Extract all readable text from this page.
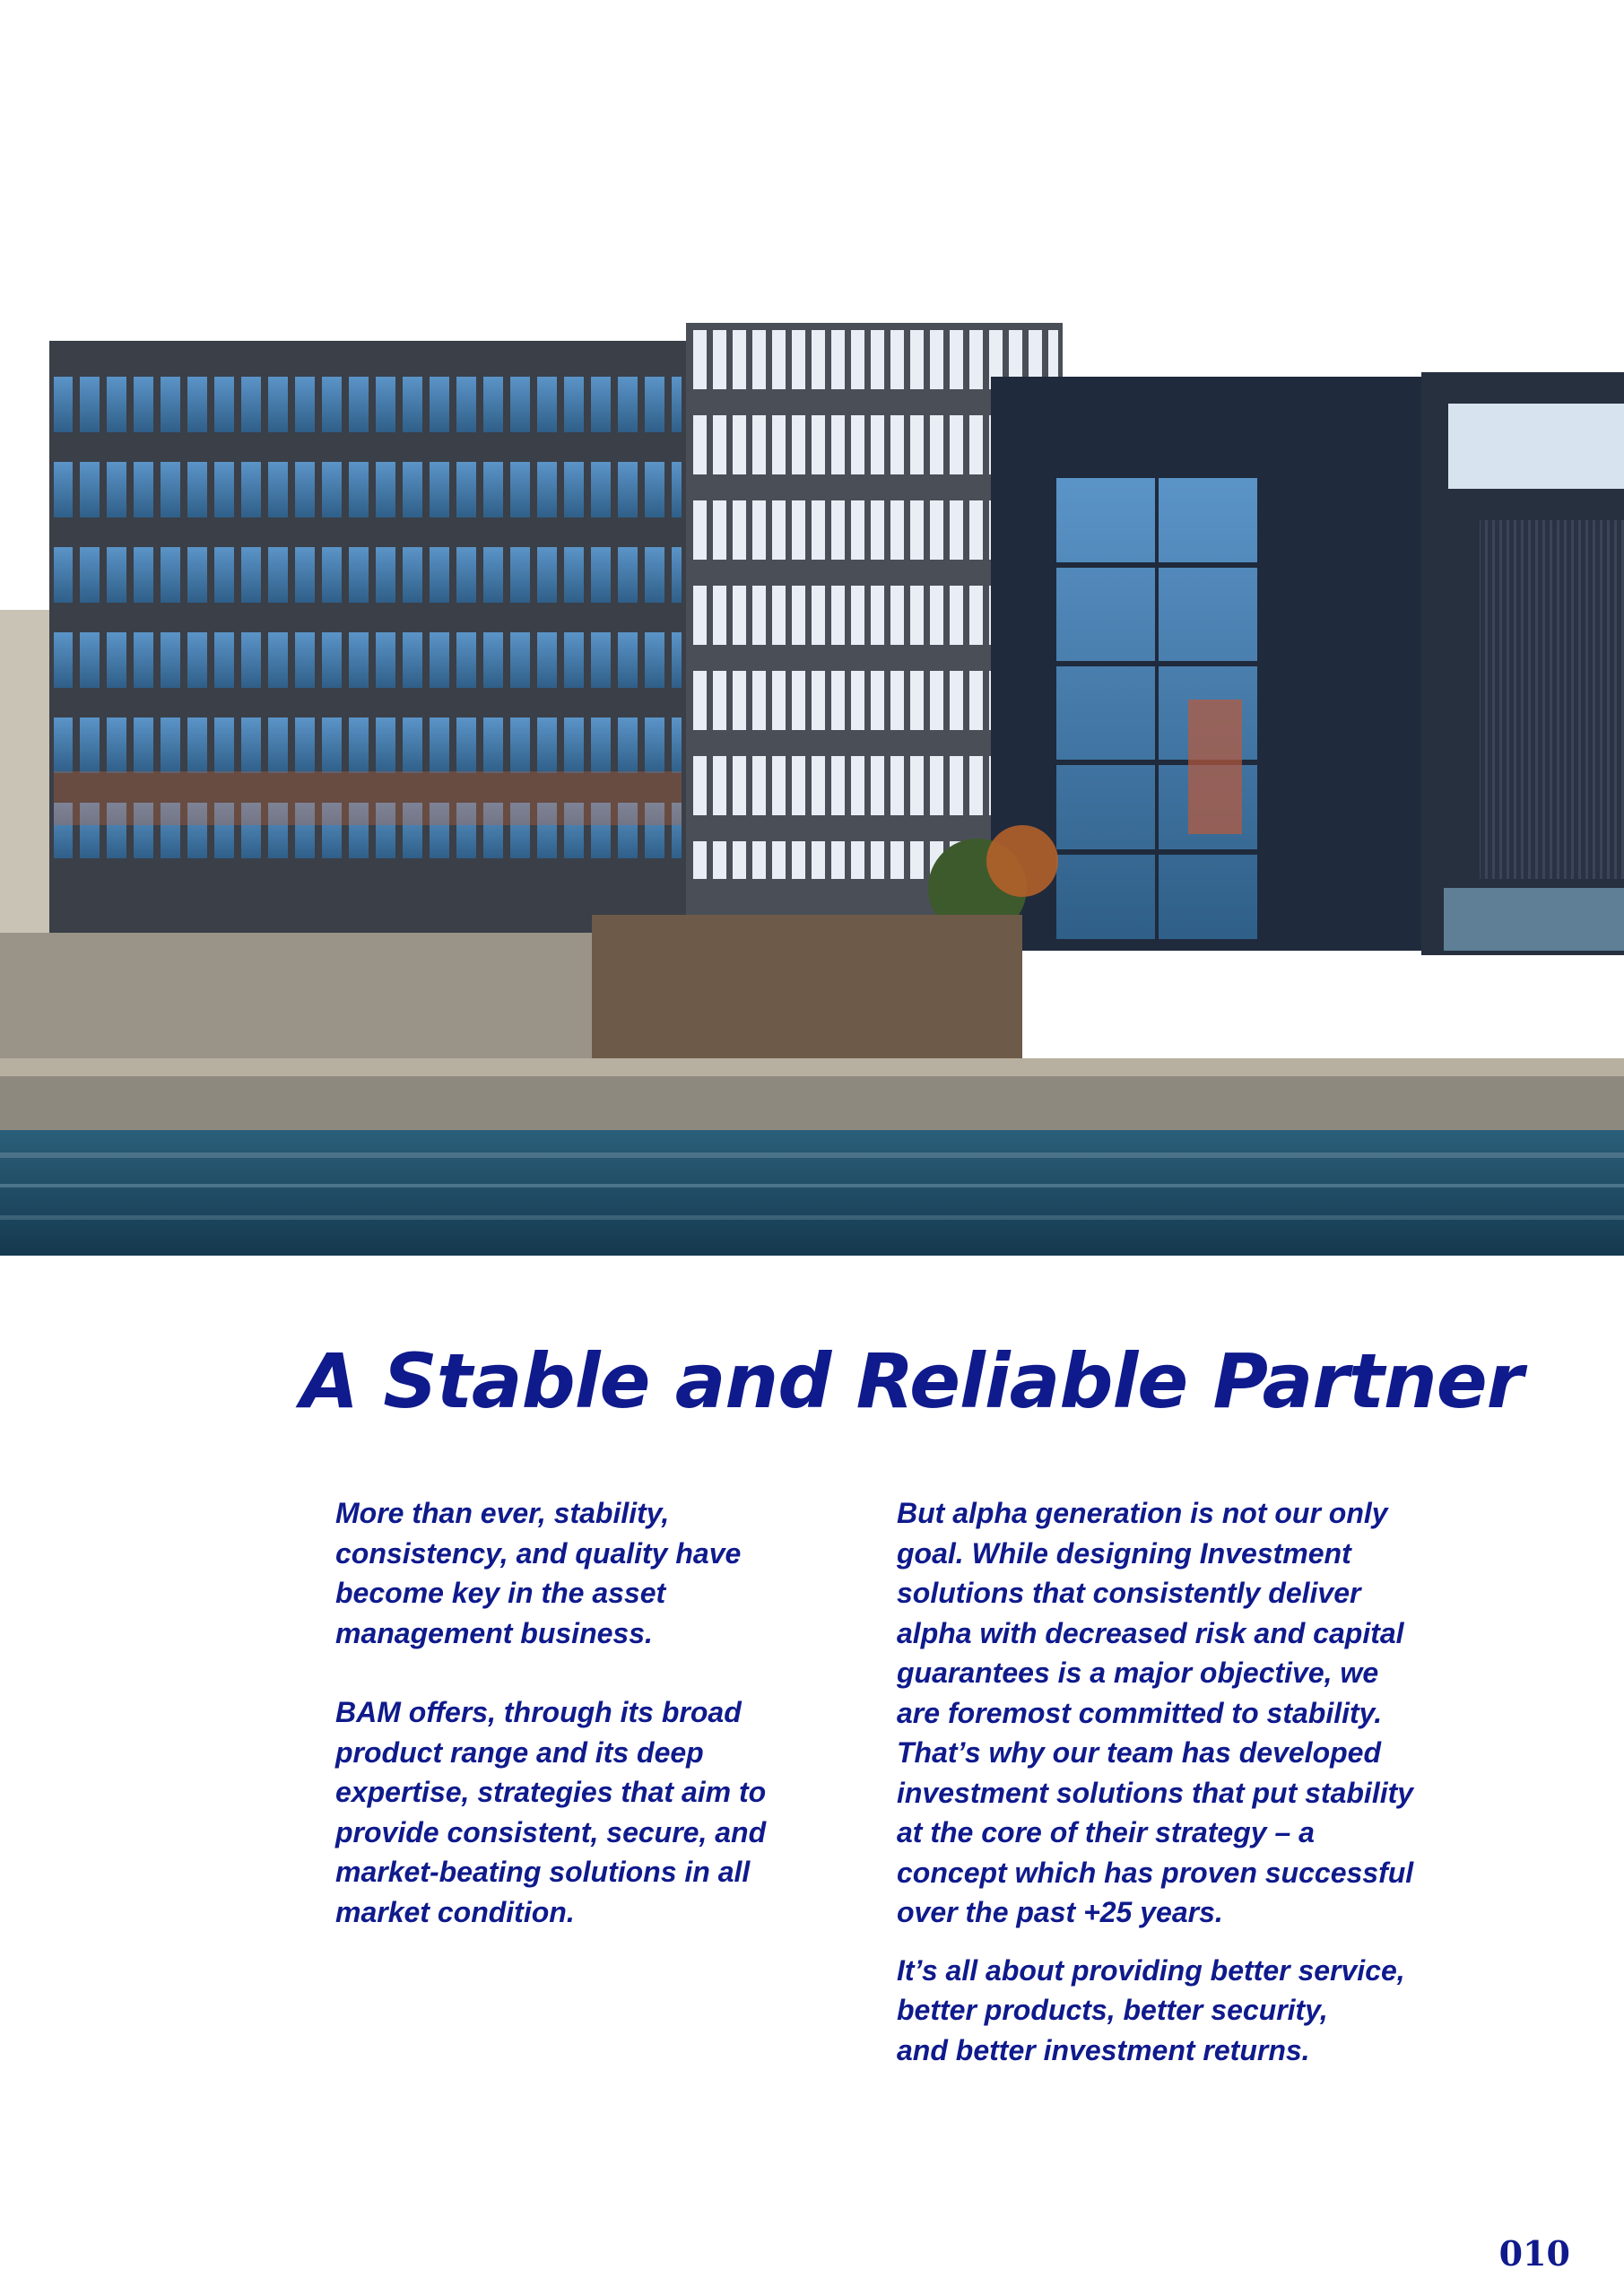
A Stable and Reliable Partner

More than ever, stability,
consistency, and quality have
become key in the asset
management business.

BAM offers, through its broad
product range and its deep
expertise, strategies that aim to
provide consistent, secure, and
market-beating solutions in all
market condition.

But alpha generation is not our only
goal. While designing Investment
solutions that consistently deliver
alpha with decreased risk and capital
guarantees is a major objective, we
are foremost committed to stability.
That’s why our team has developed
investment solutions that put stability
at the core of their strategy – a
concept which has proven successful
over the past +25 years.

It’s all about providing better service,
better products, better security,
and better investment returns.

010
